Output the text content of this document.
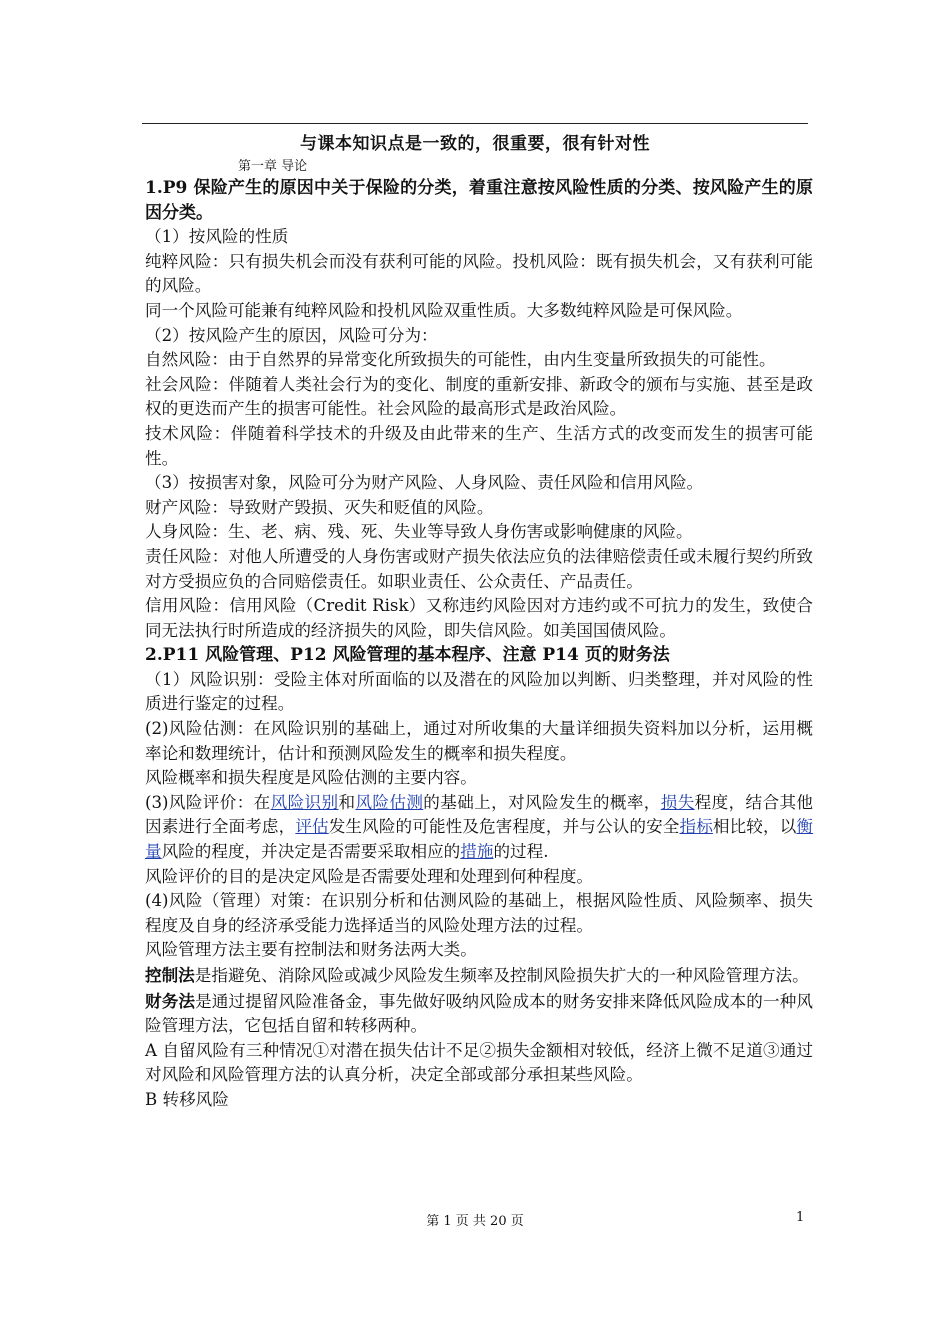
与课本知识点是一致的，很重要，很有针对性
第一章 导论

1.P9 保险产生的原因中关于保险的分类，着重注意按风险性质的分类、按风险产生的原因分类。

（1）按风险的性质

纯粹风险：只有损失机会而没有获利可能的风险。投机风险：既有损失机会，又有获利可能的风险。

同一个风险可能兼有纯粹风险和投机风险双重性质。大多数纯粹风险是可保风险。

（2）按风险产生的原因，风险可分为：

自然风险：由于自然界的异常变化所致损失的可能性，由内生变量所致损失的可能性。

社会风险：伴随着人类社会行为的变化、制度的重新安排、新政令的颁布与实施、甚至是政权的更迭而产生的损害可能性。社会风险的最高形式是政治风险。

技术风险：伴随着科学技术的升级及由此带来的生产、生活方式的改变而发生的损害可能性。

（3）按损害对象，风险可分为财产风险、人身风险、责任风险和信用风险。

财产风险：导致财产毁损、灭失和贬值的风险。

人身风险：生、老、病、残、死、失业等导致人身伤害或影响健康的风险。

责任风险：对他人所遭受的人身伤害或财产损失依法应负的法律赔偿责任或未履行契约所致对方受损应负的合同赔偿责任。如职业责任、公众责任、产品责任。

信用风险：信用风险（Credit Risk）又称违约风险因对方违约或不可抗力的发生，致使合同无法执行时所造成的经济损失的风险，即失信风险。如美国国债风险。

2.P11 风险管理、P12 风险管理的基本程序、注意 P14 页的财务法

（1）风险识别：受险主体对所面临的以及潜在的风险加以判断、归类整理，并对风险的性质进行鉴定的过程。

(2)风险估测：在风险识别的基础上，通过对所收集的大量详细损失资料加以分析，运用概率论和数理统计，估计和预测风险发生的概率和损失程度。

风险概率和损失程度是风险估测的主要内容。

(3)风险评价：在风险识别和风险估测的基础上，对风险发生的概率，损失程度，结合其他因素进行全面考虑，评估发生风险的可能性及危害程度，并与公认的安全指标相比较，以衡量风险的程度，并决定是否需要采取相应的措施的过程.

风险评价的目的是决定风险是否需要处理和处理到何种程度。

(4)风险（管理）对策：在识别分析和估测风险的基础上，根据风险性质、风险频率、损失程度及自身的经济承受能力选择适当的风险处理方法的过程。

风险管理方法主要有控制法和财务法两大类。

控制法是指避免、消除风险或减少风险发生频率及控制风险损失扩大的一种风险管理方法。

财务法是通过提留风险准备金，事先做好吸纳风险成本的财务安排来降低风险成本的一种风险管理方法，它包括自留和转移两种。

A 自留风险有三种情况①对潜在损失估计不足②损失金额相对较低，经济上微不足道③通过对风险和风险管理方法的认真分析，决定全部或部分承担某些风险。

B 转移风险

第 1 页 共 20 页	1
